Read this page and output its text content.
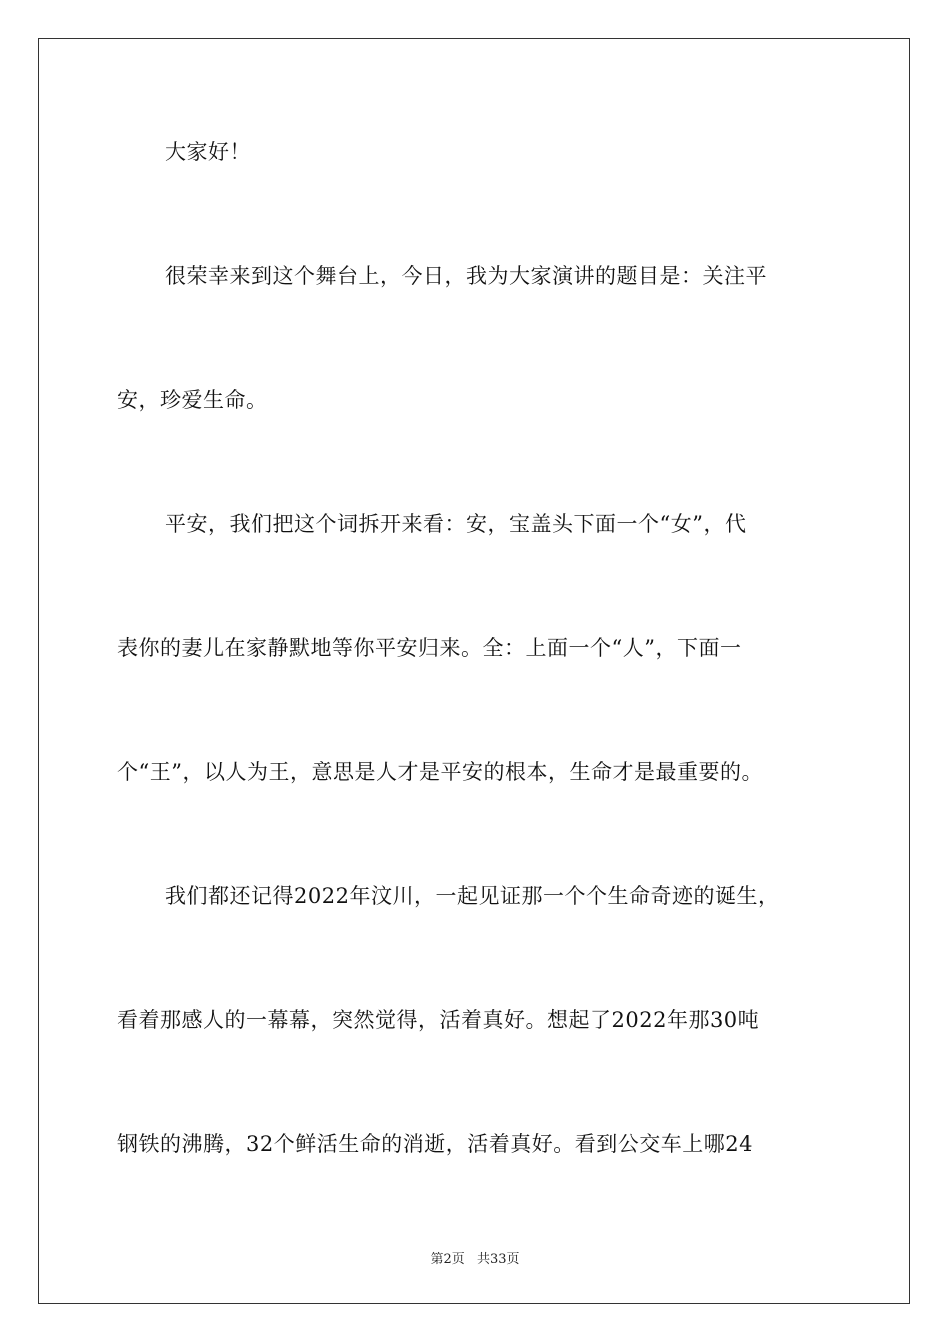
大家好！
很荣幸来到这个舞台上，今日，我为大家演讲的题目是：关注平
安，珍爱生命。
平安，我们把这个词拆开来看：安，宝盖头下面一个“女”，代
表你的妻儿在家静默地等你平安归来。全：上面一个“人”，下面一
个“王”，以人为王，意思是人才是平安的根本，生命才是最重要的。
我们都还记得2022年汶川，一起见证那一个个生命奇迹的诞生，
看着那感人的一幕幕，突然觉得，活着真好。想起了2022年那30吨
钢铁的沸腾，32个鲜活生命的消逝，活着真好。看到公交车上哪24
第2页 共33页
